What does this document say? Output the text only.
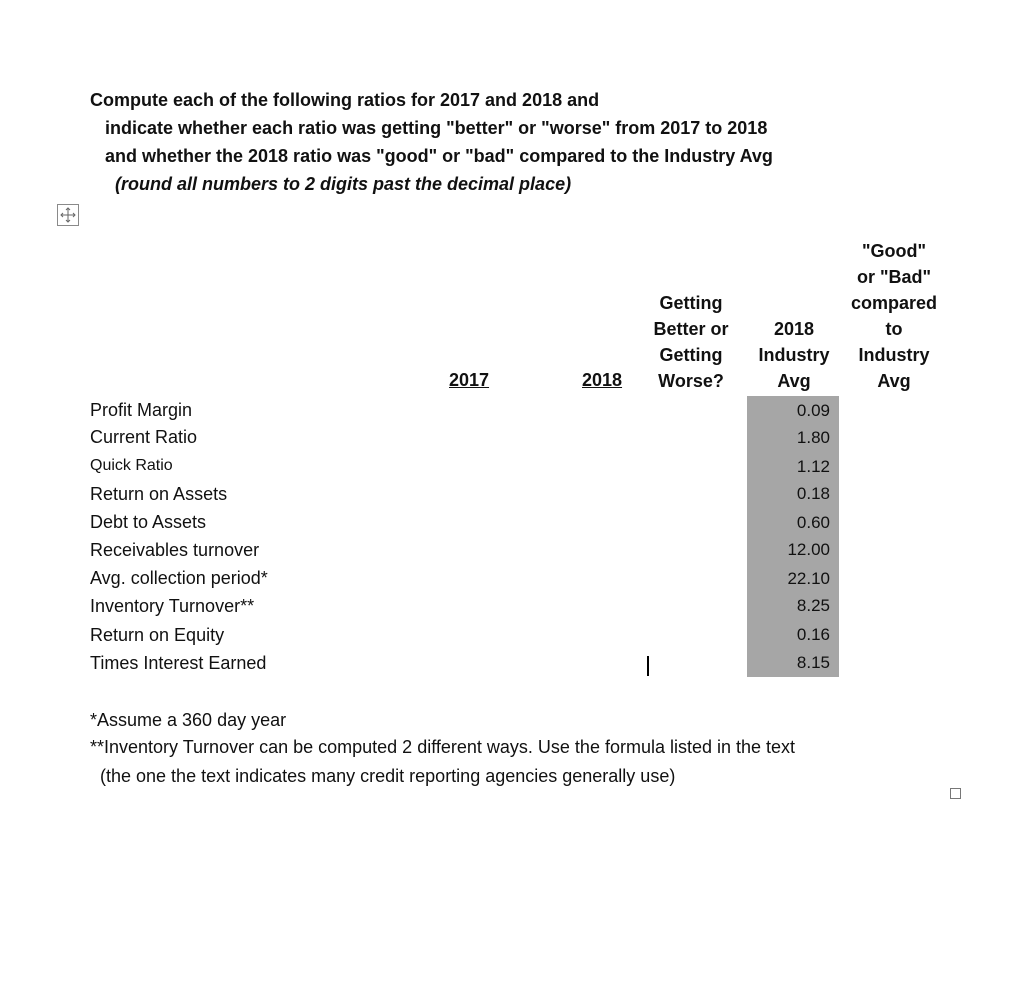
Compute each of the following ratios for 2017 and 2018 and
indicate whether each ratio was getting "better" or "worse" from 2017 to 2018
and whether the 2018 ratio was "good" or "bad" compared to the Industry Avg
(round all numbers to 2 digits past the decimal place)
"Good"
or "Bad"
compared
to
Industry
Avg
Getting
Better or
Getting
Worse?
2018
Industry
Avg
2017	2018
Profit Margin
Current Ratio
Quick Ratio
Return on Assets
Debt to Assets
Receivables turnover
Avg. collection period*
Inventory Turnover**
Return on Equity
Times Interest Earned
0.09
1.80
1.12
0.18
0.60
12.00
22.10
8.25
0.16
8.15
*Assume a 360 day year
**Inventory Turnover can be computed 2 different ways. Use the formula listed in the text
(the one the text indicates many credit reporting agencies generally use)
